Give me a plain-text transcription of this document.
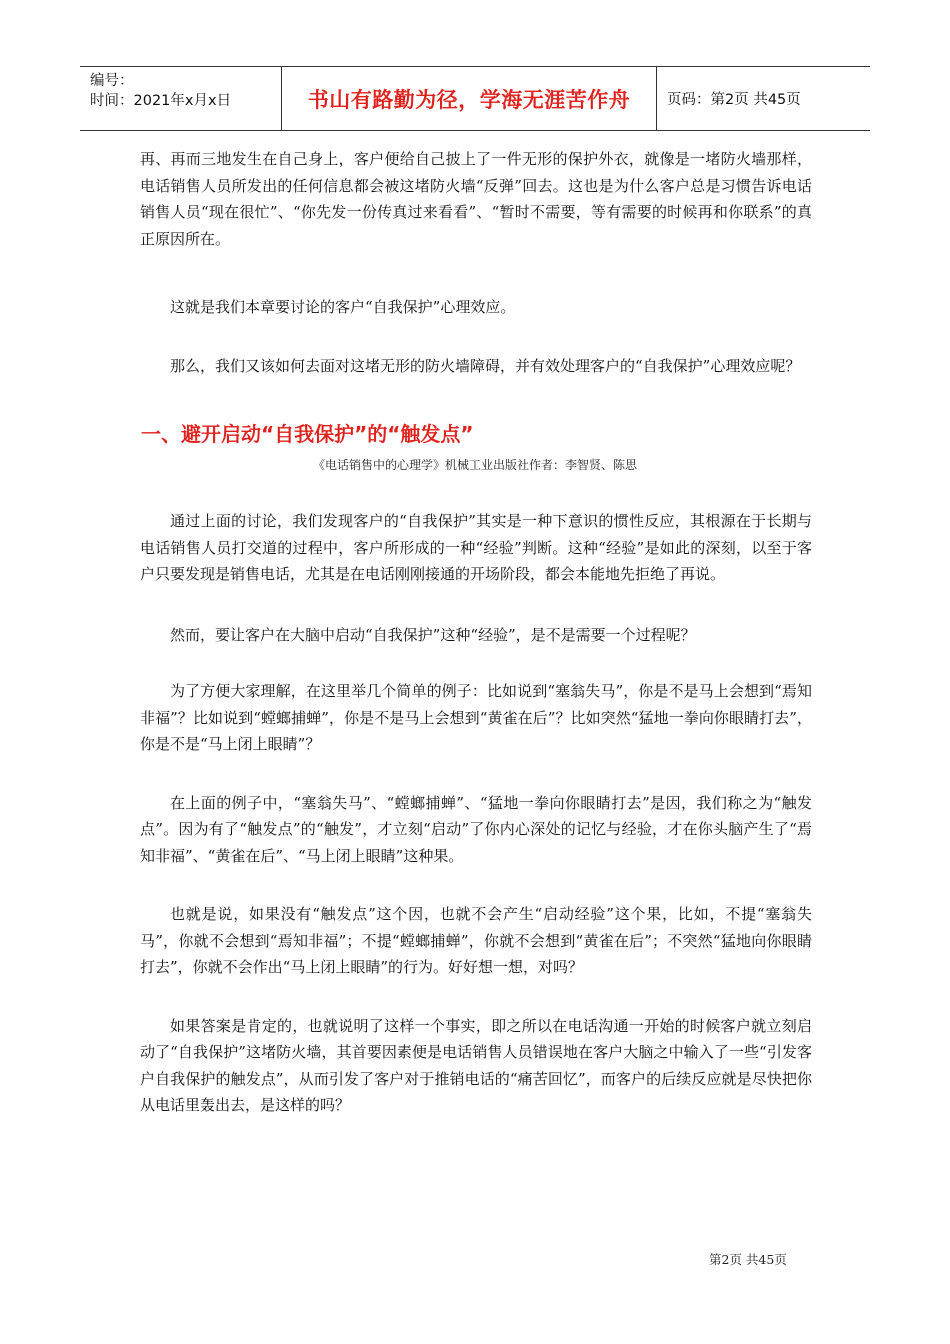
编号：
时间：2021年x月x日	书山有路勤为径，学海无涯苦作舟	页码：第2页 共45页

再、再而三地发生在自己身上，客户便给自己披上了一件无形的保护外衣，就像是一堵防火墙那样，电话销售人员所发出的任何信息都会被这堵防火墙“反弹”回去。这也是为什么客户总是习惯告诉电话销售人员“现在很忙”、“你先发一份传真过来看看”、“暂时不需要，等有需要的时候再和你联系”的真正原因所在。

这就是我们本章要讨论的客户“自我保护”心理效应。

那么，我们又该如何去面对这堵无形的防火墙障碍，并有效处理客户的“自我保护”心理效应呢？

一、避开启动“自我保护”的“触发点”
《电话销售中的心理学》机械工业出版社作者：李智贤、陈思

通过上面的讨论，我们发现客户的“自我保护”其实是一种下意识的惯性反应，其根源在于长期与电话销售人员打交道的过程中，客户所形成的一种“经验”判断。这种“经验”是如此的深刻，以至于客户只要发现是销售电话，尤其是在电话刚刚接通的开场阶段，都会本能地先拒绝了再说。

然而，要让客户在大脑中启动“自我保护”这种“经验”，是不是需要一个过程呢？

为了方便大家理解，在这里举几个简单的例子：比如说到“塞翁失马”，你是不是马上会想到“焉知非福”？比如说到“螳螂捕蝉”，你是不是马上会想到“黄雀在后”？比如突然“猛地一拳向你眼睛打去”，你是不是“马上闭上眼睛”？

在上面的例子中，“塞翁失马”、“螳螂捕蝉”、“猛地一拳向你眼睛打去”是因，我们称之为“触发点”。因为有了“触发点”的“触发”，才立刻“启动”了你内心深处的记忆与经验，才在你头脑产生了“焉知非福”、“黄雀在后”、“马上闭上眼睛”这种果。

也就是说，如果没有“触发点”这个因，也就不会产生“启动经验”这个果，比如，不提“塞翁失马”，你就不会想到“焉知非福”；不提“螳螂捕蝉”，你就不会想到“黄雀在后”；不突然“猛地向你眼睛打去”，你就不会作出“马上闭上眼睛”的行为。好好想一想，对吗？

如果答案是肯定的，也就说明了这样一个事实，即之所以在电话沟通一开始的时候客户就立刻启动了“自我保护”这堵防火墙，其首要因素便是电话销售人员错误地在客户大脑之中输入了一些“引发客户自我保护的触发点”，从而引发了客户对于推销电话的“痛苦回忆”，而客户的后续反应就是尽快把你从电话里轰出去，是这样的吗？

第2页 共45页
